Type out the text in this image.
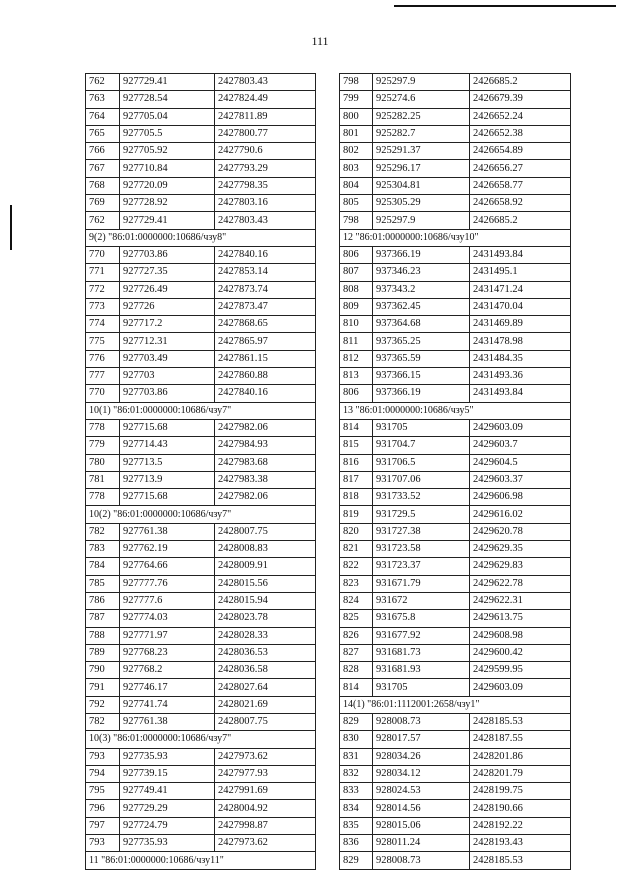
111
762	927729.41	2427803.43
763	927728.54	2427824.49
764	927705.04	2427811.89
765	927705.5	2427800.77
766	927705.92	2427790.6
767	927710.84	2427793.29
768	927720.09	2427798.35
769	927728.92	2427803.16
762	927729.41	2427803.43
9(2) "86:01:0000000:10686/чзу8"		
770	927703.86	2427840.16
771	927727.35	2427853.14
772	927726.49	2427873.74
773	927726	2427873.47
774	927717.2	2427868.65
775	927712.31	2427865.97
776	927703.49	2427861.15
777	927703	2427860.88
770	927703.86	2427840.16
10(1) "86:01:0000000:10686/чзу7"		
778	927715.68	2427982.06
779	927714.43	2427984.93
780	927713.5	2427983.68
781	927713.9	2427983.38
778	927715.68	2427982.06
10(2) "86:01:0000000:10686/чзу7"		
782	927761.38	2428007.75
783	927762.19	2428008.83
784	927764.66	2428009.91
785	927777.76	2428015.56
786	927777.6	2428015.94
787	927774.03	2428023.78
788	927771.97	2428028.33
789	927768.23	2428036.53
790	927768.2	2428036.58
791	927746.17	2428027.64
792	927741.74	2428021.69
782	927761.38	2428007.75
10(3) "86:01:0000000:10686/чзу7"		
793	927735.93	2427973.62
794	927739.15	2427977.93
795	927749.41	2427991.69
796	927729.29	2428004.92
797	927724.79	2427998.87
793	927735.93	2427973.62
11 "86:01:0000000:10686/чзу11"		
798	925297.9	2426685.2
799	925274.6	2426679.39
800	925282.25	2426652.24
801	925282.7	2426652.38
802	925291.37	2426654.89
803	925296.17	2426656.27
804	925304.81	2426658.77
805	925305.29	2426658.92
798	925297.9	2426685.2
12 "86:01:0000000:10686/чзу10"		
806	937366.19	2431493.84
807	937346.23	2431495.1
808	937343.2	2431471.24
809	937362.45	2431470.04
810	937364.68	2431469.89
811	937365.25	2431478.98
812	937365.59	2431484.35
813	937366.15	2431493.36
806	937366.19	2431493.84
13 "86:01:0000000:10686/чзу5"		
814	931705	2429603.09
815	931704.7	2429603.7
816	931706.5	2429604.5
817	931707.06	2429603.37
818	931733.52	2429606.98
819	931729.5	2429616.02
820	931727.38	2429620.78
821	931723.58	2429629.35
822	931723.37	2429629.83
823	931671.79	2429622.78
824	931672	2429622.31
825	931675.8	2429613.75
826	931677.92	2429608.98
827	931681.73	2429600.42
828	931681.93	2429599.95
814	931705	2429603.09
14(1) "86:01:1112001:2658/чзу1"		
829	928008.73	2428185.53
830	928017.57	2428187.55
831	928034.26	2428201.86
832	928034.12	2428201.79
833	928024.53	2428199.75
834	928014.56	2428190.66
835	928015.06	2428192.22
836	928011.24	2428193.43
829	928008.73	2428185.53
